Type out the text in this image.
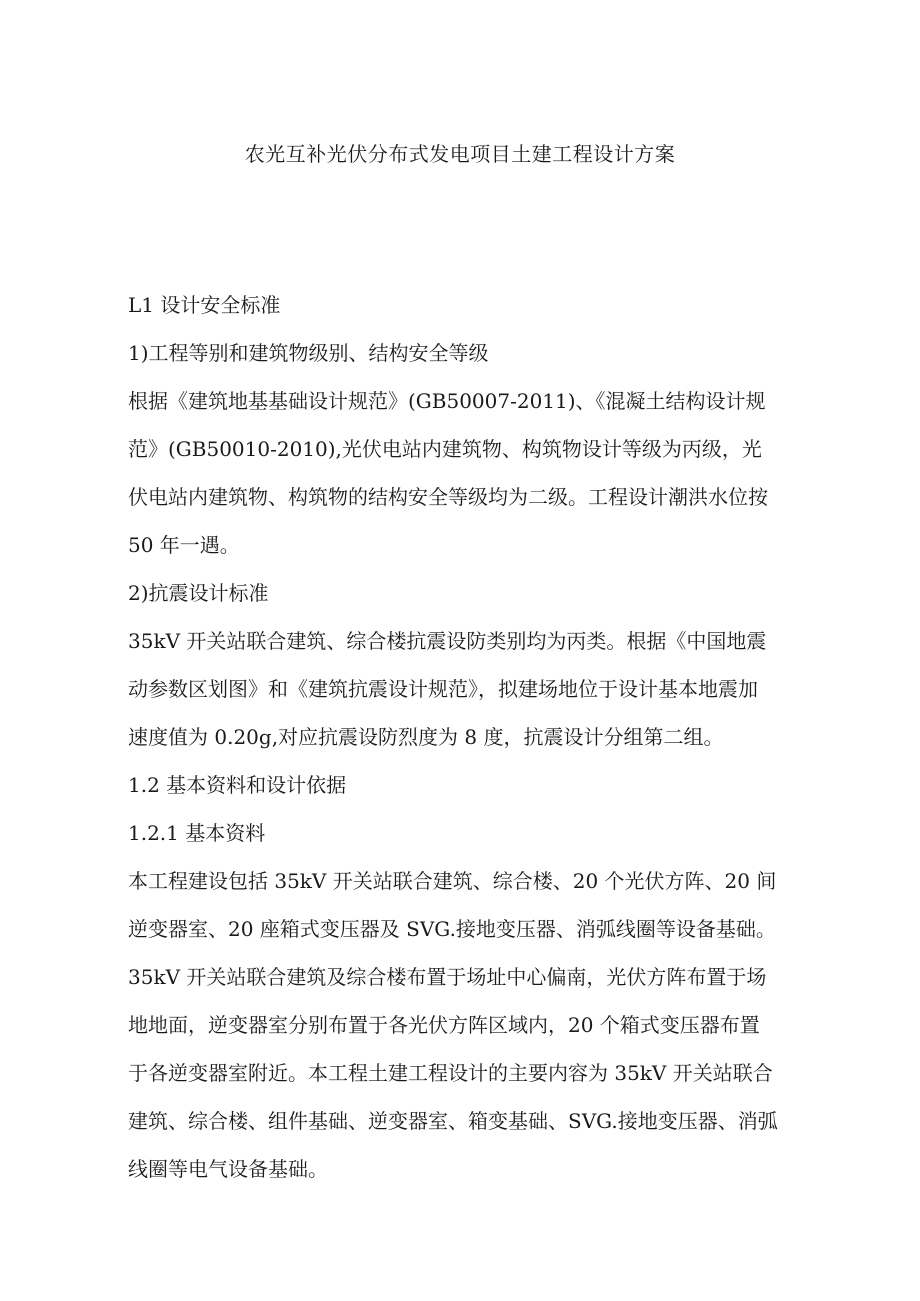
农光互补光伏分布式发电项目土建工程设计方案

L1 设计安全标准

1)工程等别和建筑物级别、结构安全等级

根据《建筑地基基础设计规范》(GB50007-2011)、《混凝土结构设计规

范》(GB50010-2010),光伏电站内建筑物、构筑物设计等级为丙级，光

伏电站内建筑物、构筑物的结构安全等级均为二级。工程设计潮洪水位按

50 年一遇。

2)抗震设计标准

35kV 开关站联合建筑、综合楼抗震设防类别均为丙类。根据《中国地震

动参数区划图》和《建筑抗震设计规范》，拟建场地位于设计基本地震加

速度值为 0.20g,对应抗震设防烈度为 8 度，抗震设计分组第二组。

1.2 基本资料和设计依据

1.2.1 基本资料

本工程建设包括 35kV 开关站联合建筑、综合楼、20 个光伏方阵、20 间

逆变器室、20 座箱式变压器及 SVG.接地变压器、消弧线圈等设备基础。

35kV 开关站联合建筑及综合楼布置于场址中心偏南，光伏方阵布置于场

地地面，逆变器室分别布置于各光伏方阵区域内，20 个箱式变压器布置

于各逆变器室附近。本工程土建工程设计的主要内容为 35kV 开关站联合

建筑、综合楼、组件基础、逆变器室、箱变基础、SVG.接地变压器、消弧

线圈等电气设备基础。
